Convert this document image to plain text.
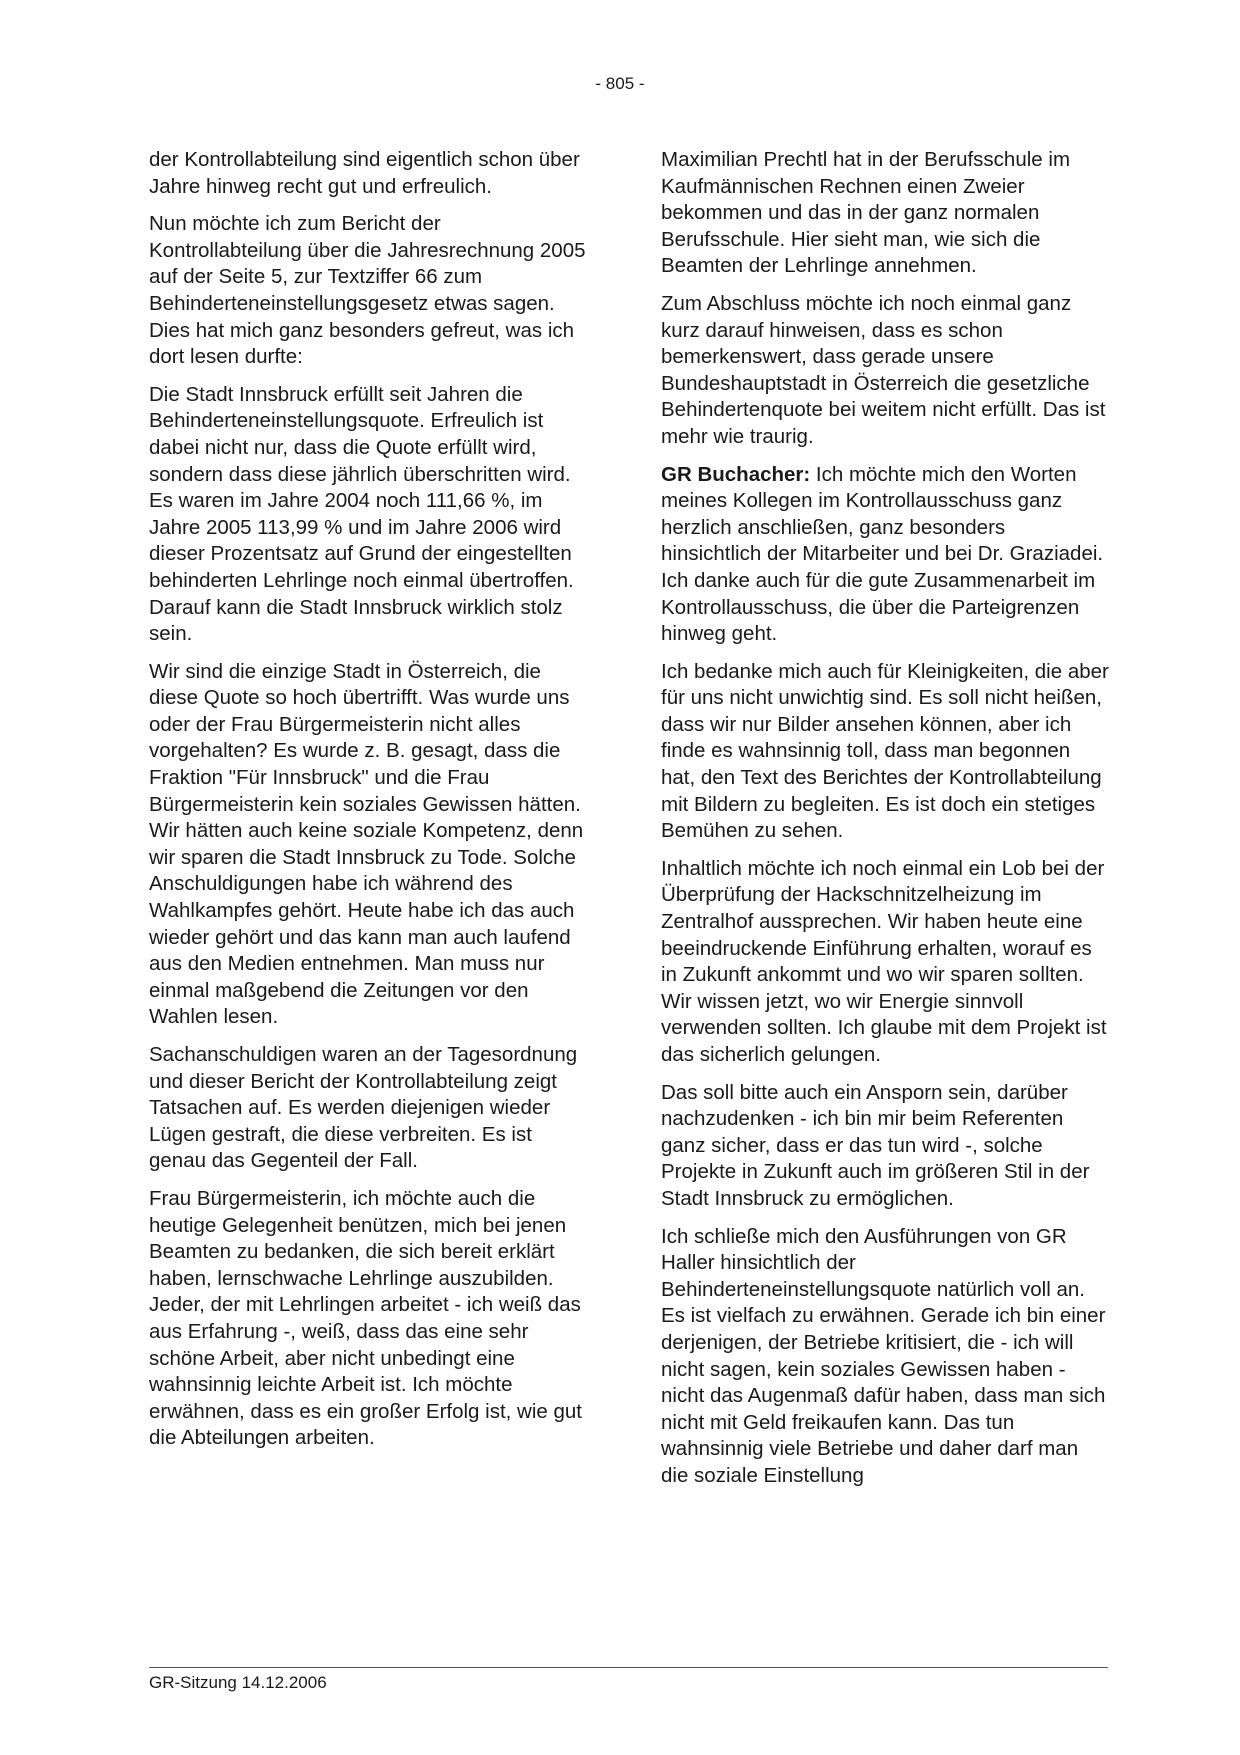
- 805 -

der Kontrollabteilung sind eigentlich schon über Jahre hinweg recht gut und erfreulich.

Nun möchte ich zum Bericht der Kontrollabteilung über die Jahresrechnung 2005 auf der Seite 5, zur Textziffer 66 zum Behinderteneinstellungsgesetz etwas sagen. Dies hat mich ganz besonders gefreut, was ich dort lesen durfte:

Die Stadt Innsbruck erfüllt seit Jahren die Behinderteneinstellungsquote. Erfreulich ist dabei nicht nur, dass die Quote erfüllt wird, sondern dass diese jährlich überschritten wird. Es waren im Jahre 2004 noch 111,66 %, im Jahre 2005 113,99 % und im Jahre 2006 wird dieser Prozentsatz auf Grund der eingestellten behinderten Lehrlinge noch einmal übertroffen. Darauf kann die Stadt Innsbruck wirklich stolz sein.

Wir sind die einzige Stadt in Österreich, die diese Quote so hoch übertrifft. Was wurde uns oder der Frau Bürgermeisterin nicht alles vorgehalten? Es wurde z. B. gesagt, dass die Fraktion "Für Innsbruck" und die Frau Bürgermeisterin kein soziales Gewissen hätten. Wir hätten auch keine soziale Kompetenz, denn wir sparen die Stadt Innsbruck zu Tode. Solche Anschuldigungen habe ich während des Wahlkampfes gehört. Heute habe ich das auch wieder gehört und das kann man auch laufend aus den Medien entnehmen. Man muss nur einmal maßgebend die Zeitungen vor den Wahlen lesen.

Sachanschuldigen waren an der Tagesordnung und dieser Bericht der Kontrollabteilung zeigt Tatsachen auf. Es werden diejenigen wieder Lügen gestraft, die diese verbreiten. Es ist genau das Gegenteil der Fall.

Frau Bürgermeisterin, ich möchte auch die heutige Gelegenheit benützen, mich bei jenen Beamten zu bedanken, die sich bereit erklärt haben, lernschwache Lehrlinge auszubilden. Jeder, der mit Lehrlingen arbeitet - ich weiß das aus Erfahrung -, weiß, dass das eine sehr schöne Arbeit, aber nicht unbedingt eine wahnsinnig leichte Arbeit ist. Ich möchte erwähnen, dass es ein großer Erfolg ist, wie gut die Abteilungen arbeiten.

Maximilian Prechtl hat in der Berufsschule im Kaufmännischen Rechnen einen Zweier bekommen und das in der ganz normalen Berufsschule. Hier sieht man, wie sich die Beamten der Lehrlinge annehmen.

Zum Abschluss möchte ich noch einmal ganz kurz darauf hinweisen, dass es schon bemerkenswert, dass gerade unsere Bundeshauptstadt in Österreich die gesetzliche Behindertenquote bei weitem nicht erfüllt. Das ist mehr wie traurig.

GR Buchacher: Ich möchte mich den Worten meines Kollegen im Kontrollausschuss ganz herzlich anschließen, ganz besonders hinsichtlich der Mitarbeiter und bei Dr. Graziadei. Ich danke auch für die gute Zusammenarbeit im Kontrollausschuss, die über die Parteigrenzen hinweg geht.

Ich bedanke mich auch für Kleinigkeiten, die aber für uns nicht unwichtig sind. Es soll nicht heißen, dass wir nur Bilder ansehen können, aber ich finde es wahnsinnig toll, dass man begonnen hat, den Text des Berichtes der Kontrollabteilung mit Bildern zu begleiten. Es ist doch ein stetiges Bemühen zu sehen.

Inhaltlich möchte ich noch einmal ein Lob bei der Überprüfung der Hackschnitzelheizung im Zentralhof aussprechen. Wir haben heute eine beeindruckende Einführung erhalten, worauf es in Zukunft ankommt und wo wir sparen sollten. Wir wissen jetzt, wo wir Energie sinnvoll verwenden sollten. Ich glaube mit dem Projekt ist das sicherlich gelungen.

Das soll bitte auch ein Ansporn sein, darüber nachzudenken - ich bin mir beim Referenten ganz sicher, dass er das tun wird -, solche Projekte in Zukunft auch im größeren Stil in der Stadt Innsbruck zu ermöglichen.

Ich schließe mich den Ausführungen von GR Haller hinsichtlich der Behinderteneinstellungsquote natürlich voll an. Es ist vielfach zu erwähnen. Gerade ich bin einer derjenigen, der Betriebe kritisiert, die - ich will nicht sagen, kein soziales Gewissen haben - nicht das Augenmaß dafür haben, dass man sich nicht mit Geld freikaufen kann. Das tun wahnsinnig viele Betriebe und daher darf man die soziale Einstellung

GR-Sitzung 14.12.2006
